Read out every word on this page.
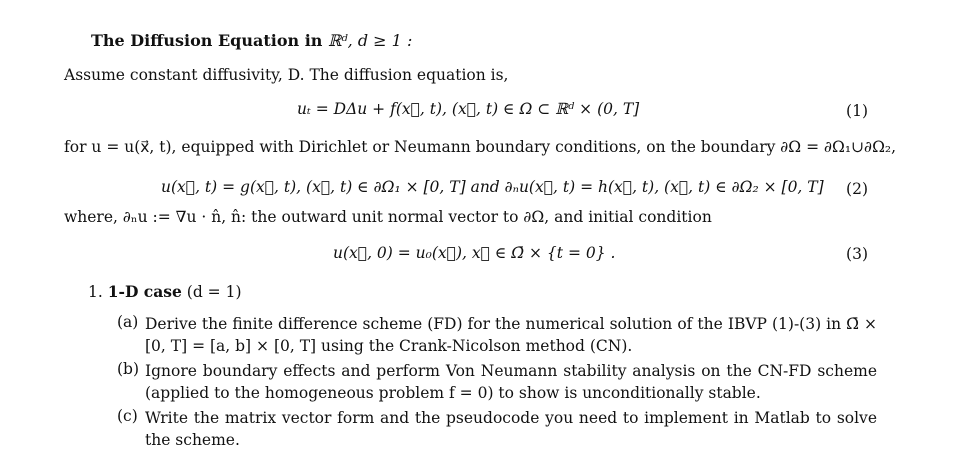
The Diffusion Equation in ℝᵈ, d ≥ 1 :
Assume constant diffusivity, D. The diffusion equation is,
uₜ = DΔu + f(x⃗, t), (x⃗, t) ∈ Ω ⊂ ℝᵈ × (0, T]	(1)
for u = u(x⃗, t), equipped with Dirichlet or Neumann boundary conditions, on the boundary ∂Ω = ∂Ω₁∪∂Ω₂,
u(x⃗, t) = g(x⃗, t), (x⃗, t) ∈ ∂Ω₁ × [0, T] and ∂ₙu(x⃗, t) = h(x⃗, t), (x⃗, t) ∈ ∂Ω₂ × [0, T] (2)
where, ∂ₙu := ∇u · n̂, n̂: the outward unit normal vector to ∂Ω, and initial condition
u(x⃗, 0) = u₀(x⃗), x⃗ ∈ Ω̄ × {t = 0} .	(3)
1. 1-D case (d = 1)
(a) Derive the finite difference scheme (FD) for the numerical solution of the IBVP (1)-(3) in Ω̄ × [0, T] = [a, b] × [0, T] using the Crank-Nicolson method (CN).
(b) Ignore boundary effects and perform Von Neumann stability analysis on the CN-FD scheme (applied to the homogeneous problem f = 0) to show is unconditionally stable.
(c) Write the matrix vector form and the pseudocode you need to implement in Matlab to solve the scheme.
